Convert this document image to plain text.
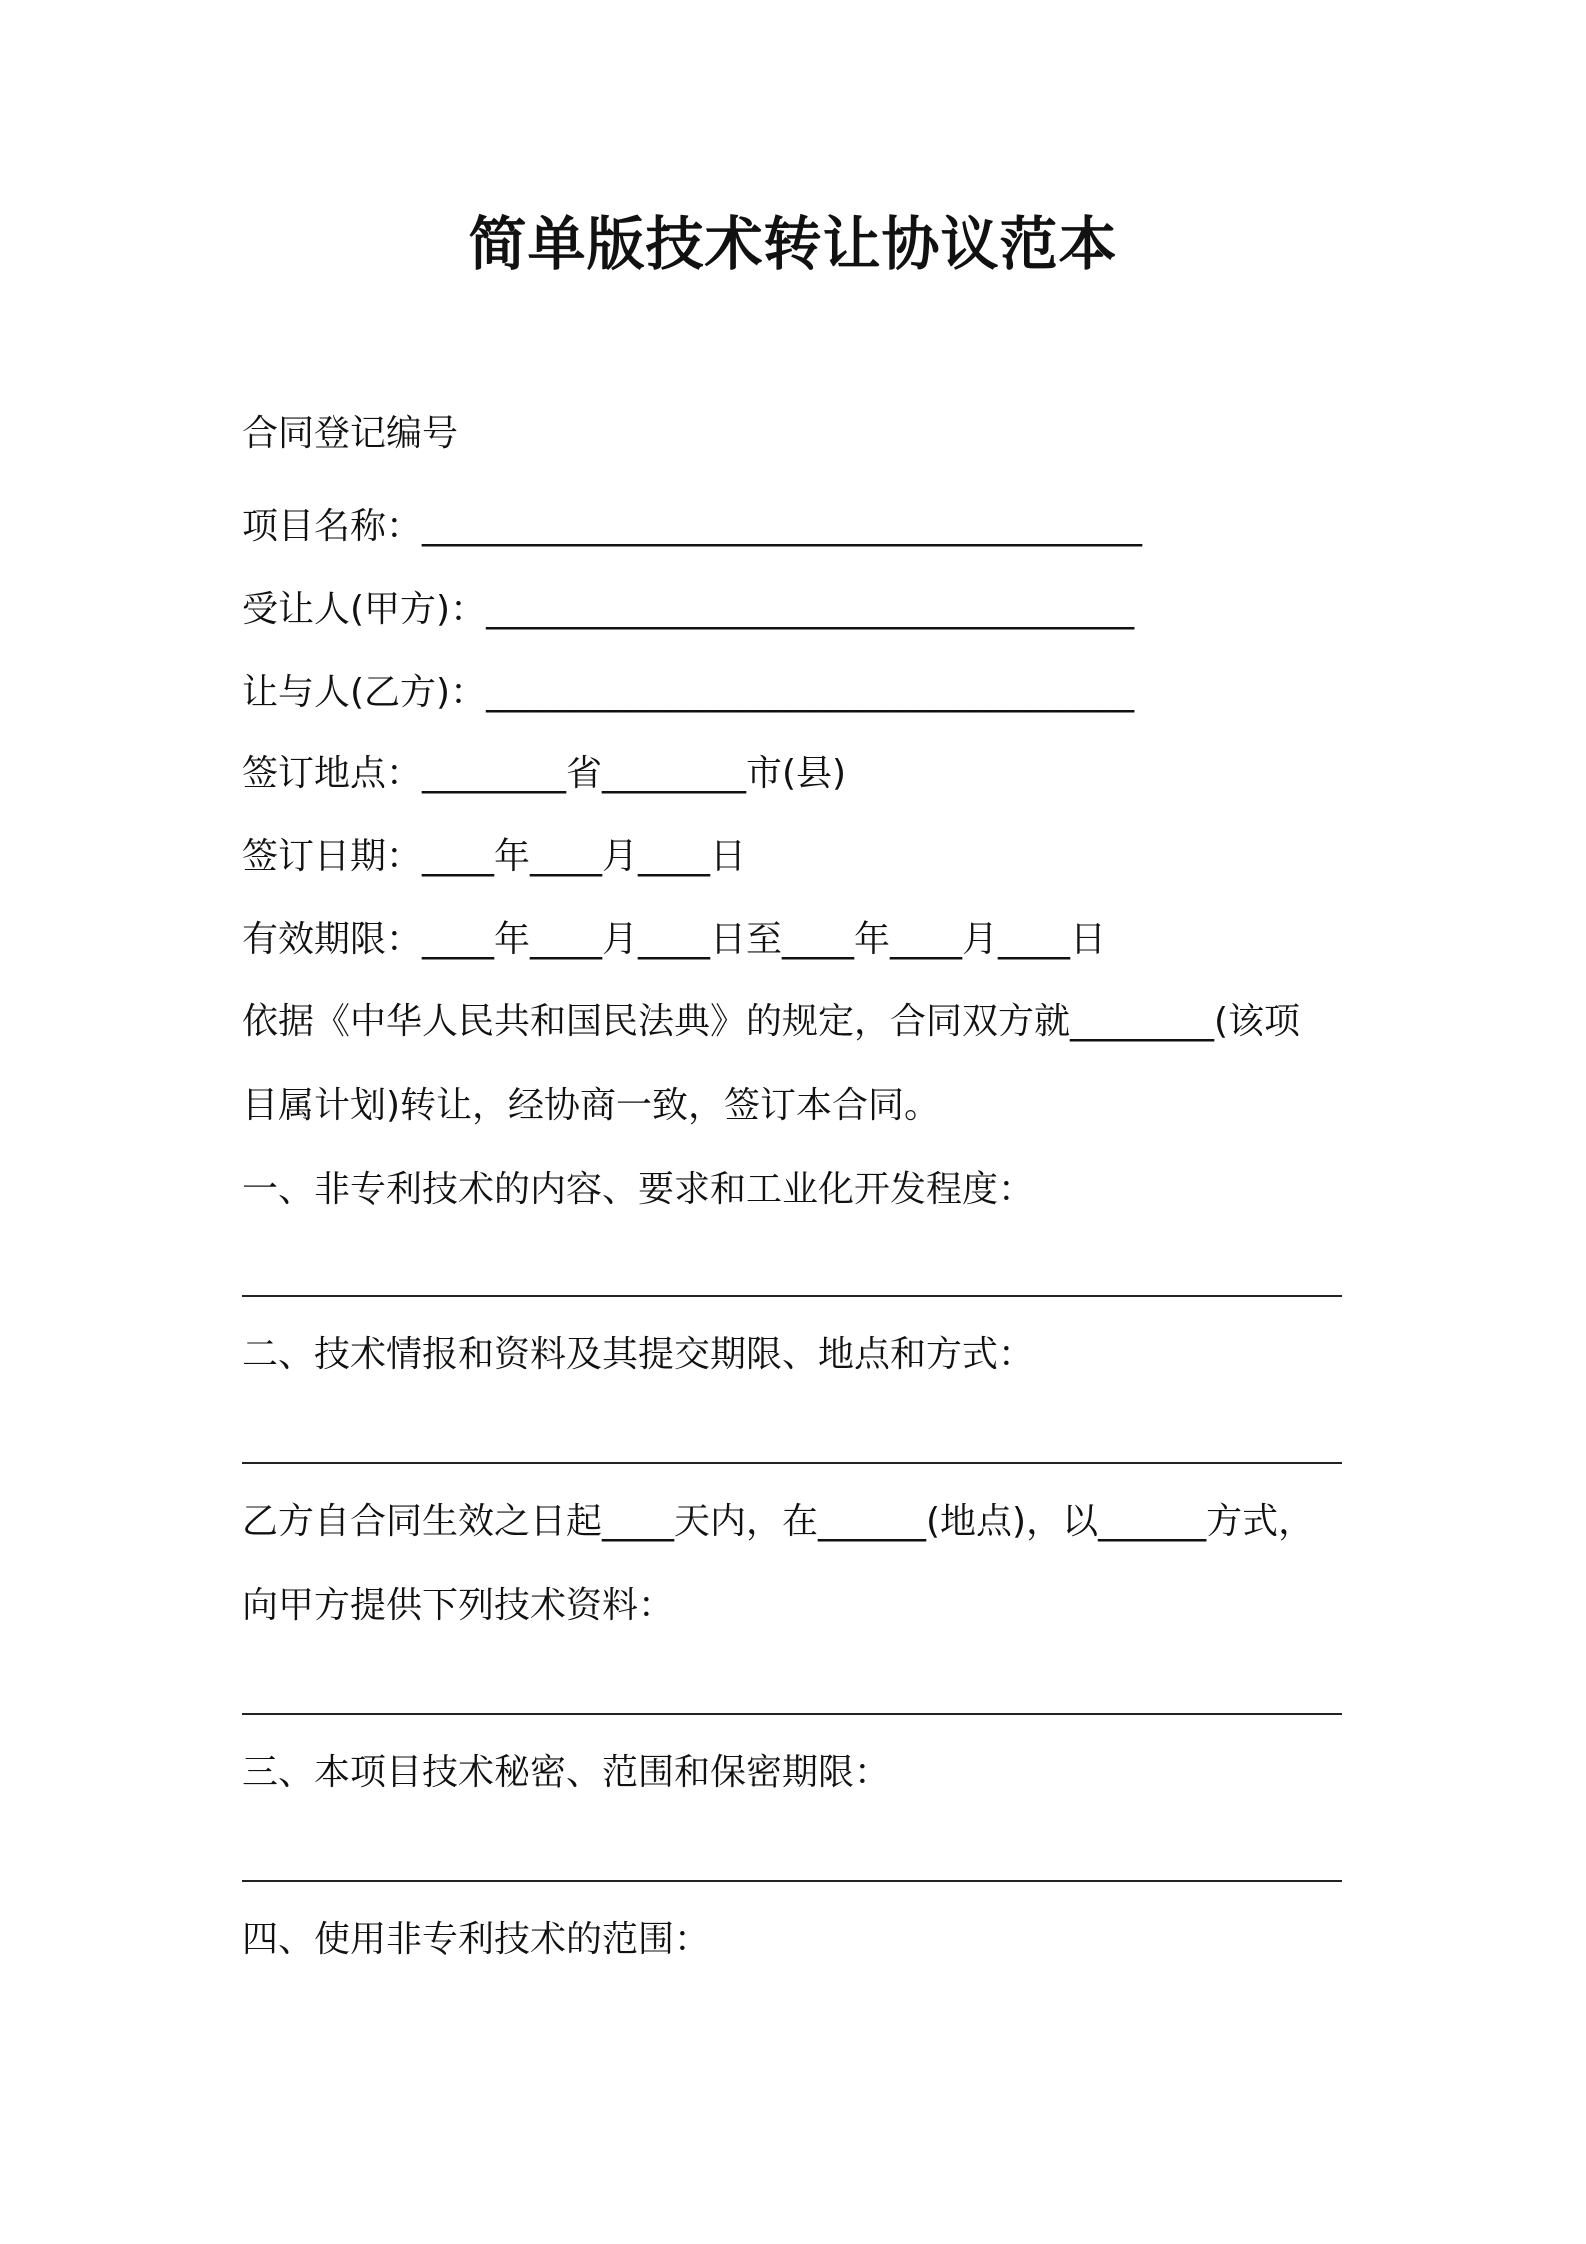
简单版技术转让协议范本
合同登记编号
项目名称：________________________________________
受让人(甲方)：____________________________________
让与人(乙方)：____________________________________
签订地点：________省________市(县)
签订日期：____年____月____日
有效期限：____年____月____日至____年____月____日
依据《中华人民共和国民法典》的规定，合同双方就________(该项
目属计划)转让，经协商一致，签订本合同。
一、非专利技术的内容、要求和工业化开发程度：
二、技术情报和资料及其提交期限、地点和方式：
乙方自合同生效之日起____天内，在______(地点)，以______方式，
向甲方提供下列技术资料：
三、本项目技术秘密、范围和保密期限：
四、使用非专利技术的范围：
